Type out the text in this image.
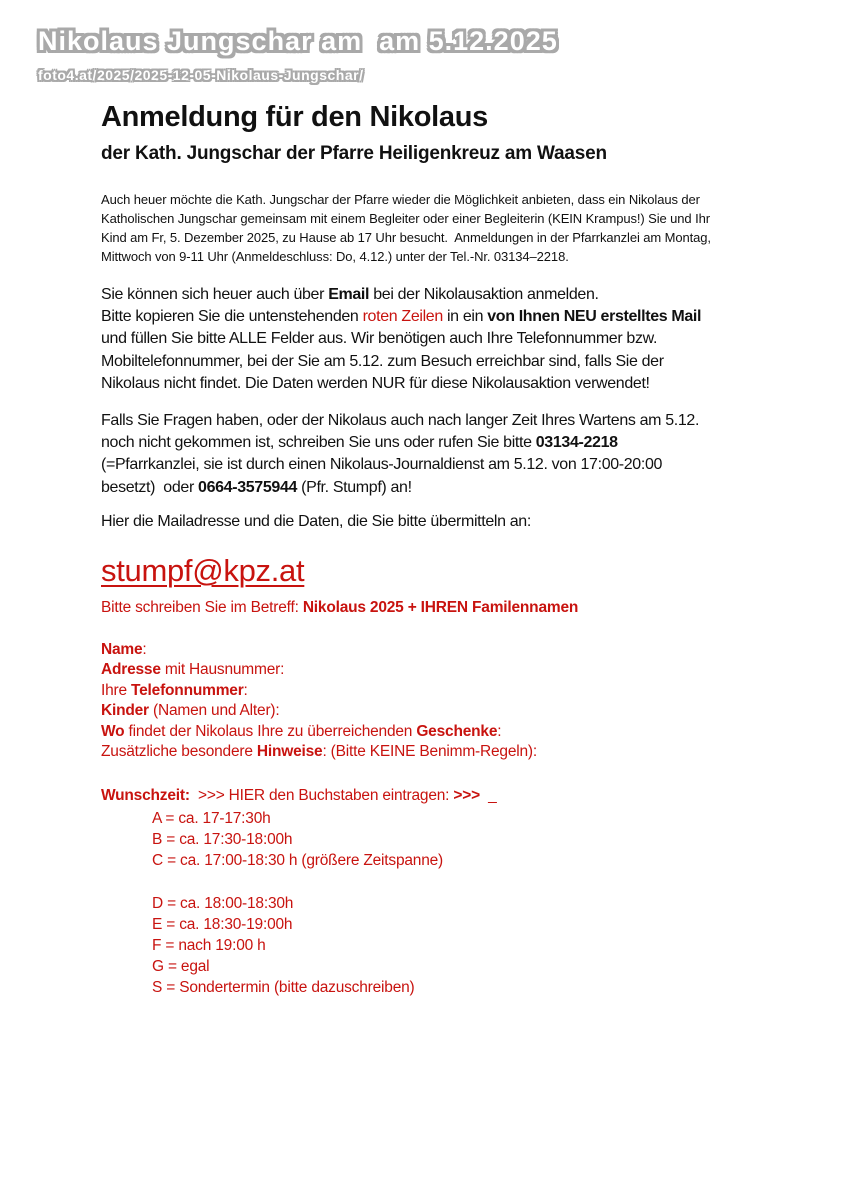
Nikolaus Jungschar am  am 5.12.2025
foto4.at/2025/2025-12-05-Nikolaus-Jungschar/
Anmeldung für den Nikolaus
der Kath. Jungschar der Pfarre Heiligenkreuz am Waasen
Auch heuer möchte die Kath. Jungschar der Pfarre wieder die Möglichkeit anbieten, dass ein Nikolaus der
Katholischen Jungschar gemeinsam mit einem Begleiter oder einer Begleiterin (KEIN Krampus!) Sie und Ihr
Kind am Fr, 5. Dezember 2025, zu Hause ab 17 Uhr besucht.  Anmeldungen in der Pfarrkanzlei am Montag,
Mittwoch von 9-11 Uhr (Anmeldeschluss: Do, 4.12.) unter der Tel.-Nr. 03134–2218.
Sie können sich heuer auch über Email bei der Nikolausaktion anmelden.
Bitte kopieren Sie die untenstehenden roten Zeilen in ein von Ihnen NEU erstelltes Mail
und füllen Sie bitte ALLE Felder aus. Wir benötigen auch Ihre Telefonnummer bzw.
Mobiltelefonnummer, bei der Sie am 5.12. zum Besuch erreichbar sind, falls Sie der
Nikolaus nicht findet. Die Daten werden NUR für diese Nikolausaktion verwendet!
Falls Sie Fragen haben, oder der Nikolaus auch nach langer Zeit Ihres Wartens am 5.12.
noch nicht gekommen ist, schreiben Sie uns oder rufen Sie bitte 03134-2218
(=Pfarrkanzlei, sie ist durch einen Nikolaus-Journaldienst am 5.12. von 17:00-20:00
besetzt)  oder 0664-3575944 (Pfr. Stumpf) an!
Hier die Mailadresse und die Daten, die Sie bitte übermitteln an:
stumpf@kpz.at
Bitte schreiben Sie im Betreff: Nikolaus 2025 + IHREN Familennamen
Name:
Adresse mit Hausnummer:
Ihre Telefonnummer:
Kinder (Namen und Alter):
Wo findet der Nikolaus Ihre zu überreichenden Geschenke:
Zusätzliche besondere Hinweise: (Bitte KEINE Benimm-Regeln):
Wunschzeit:  >>> HIER den Buchstaben eintragen: >>>  _
A = ca. 17-17:30h
B = ca. 17:30-18:00h
C = ca. 17:00-18:30 h (größere Zeitspanne)
D = ca. 18:00-18:30h
E = ca. 18:30-19:00h
F = nach 19:00 h
G = egal
S = Sondertermin (bitte dazuschreiben)
